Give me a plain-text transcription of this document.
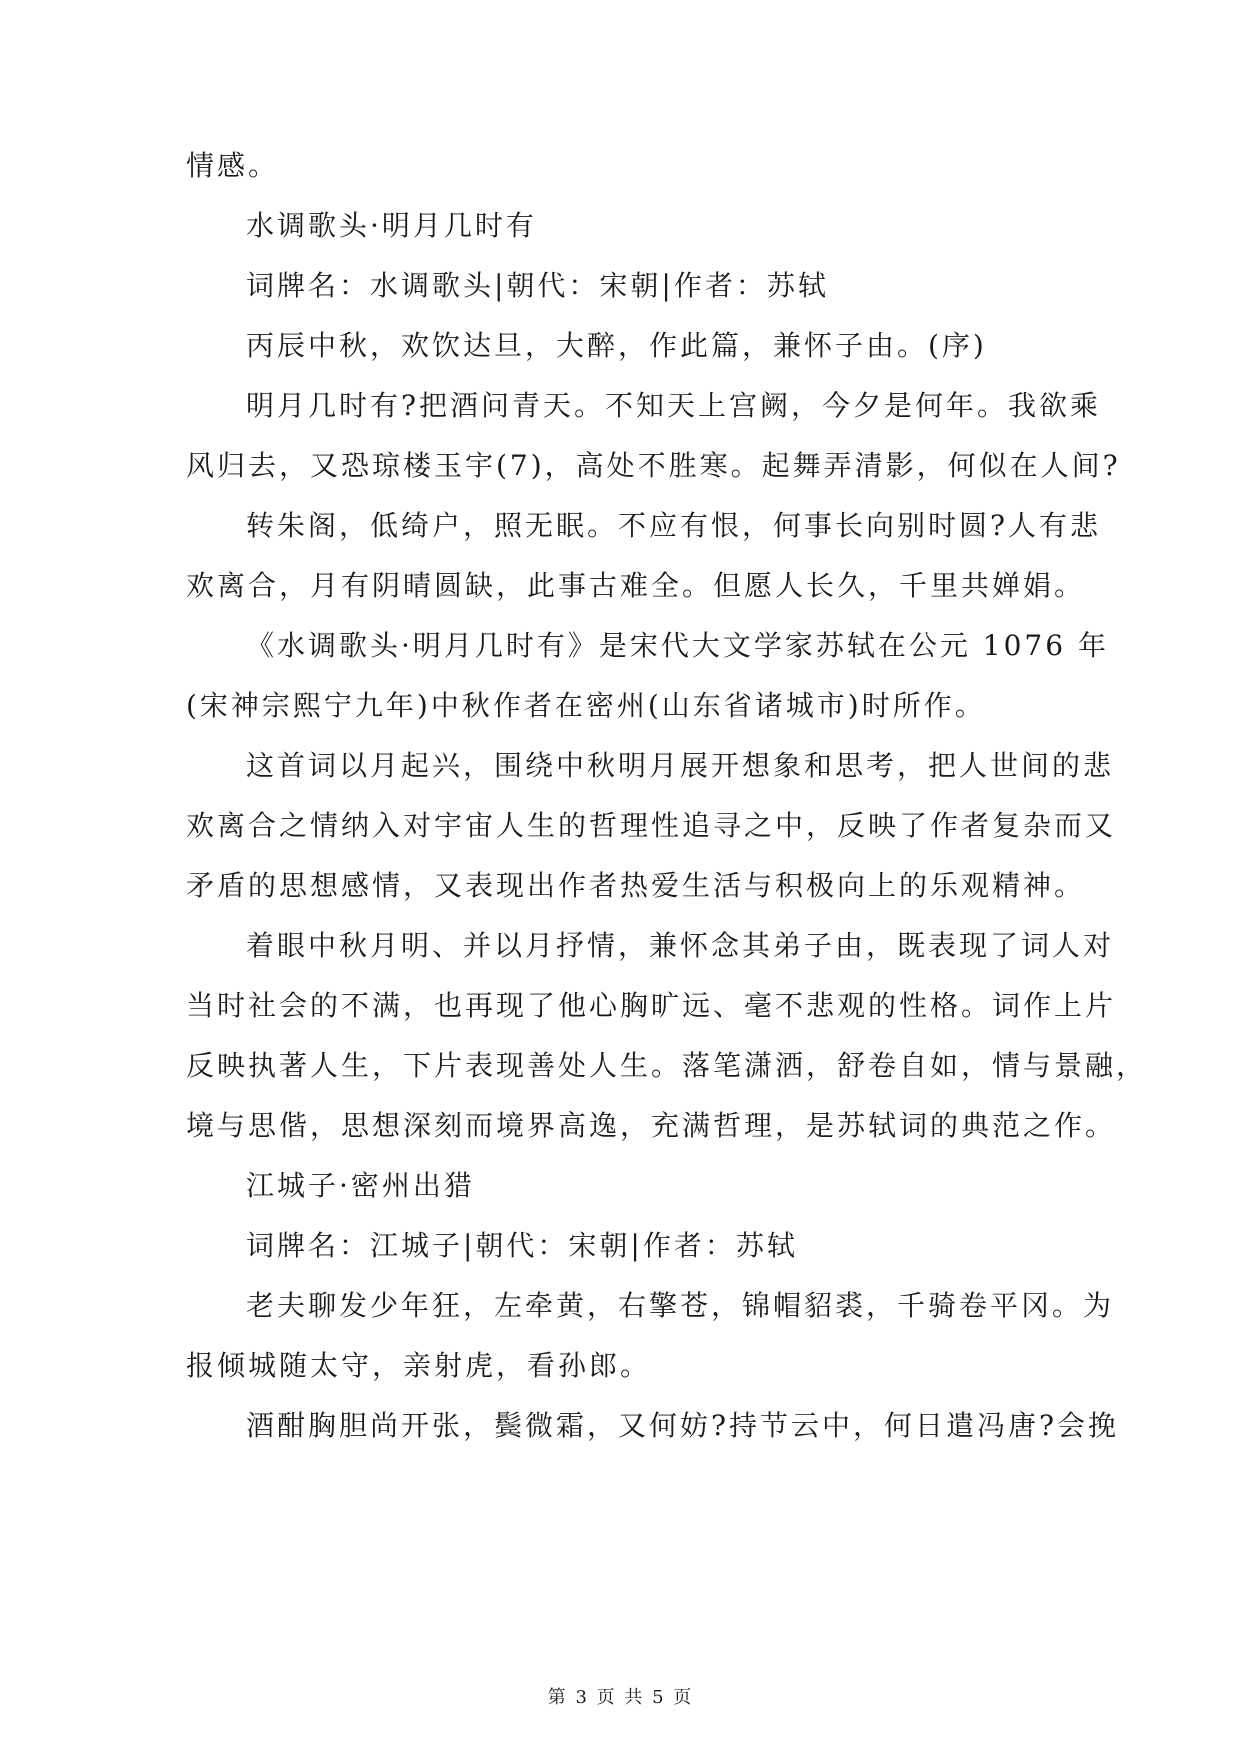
情感。
水调歌头·明月几时有
词牌名：水调歌头|朝代：宋朝|作者：苏轼
丙辰中秋，欢饮达旦，大醉，作此篇，兼怀子由。(序)
明月几时有?把酒问青天。不知天上宫阙，今夕是何年。我欲乘
风归去，又恐琼楼玉宇(7)，高处不胜寒。起舞弄清影，何似在人间?
转朱阁，低绮户，照无眠。不应有恨，何事长向别时圆?人有悲
欢离合，月有阴晴圆缺，此事古难全。但愿人长久，千里共婵娟。
《水调歌头·明月几时有》是宋代大文学家苏轼在公元 1076 年
(宋神宗熙宁九年)中秋作者在密州(山东省诸城市)时所作。
这首词以月起兴，围绕中秋明月展开想象和思考，把人世间的悲
欢离合之情纳入对宇宙人生的哲理性追寻之中，反映了作者复杂而又
矛盾的思想感情，又表现出作者热爱生活与积极向上的乐观精神。
着眼中秋月明、并以月抒情，兼怀念其弟子由，既表现了词人对
当时社会的不满，也再现了他心胸旷远、毫不悲观的性格。词作上片
反映执著人生，下片表现善处人生。落笔潇洒，舒卷自如，情与景融，
境与思偕，思想深刻而境界高逸，充满哲理，是苏轼词的典范之作。
江城子·密州出猎
词牌名：江城子|朝代：宋朝|作者：苏轼
老夫聊发少年狂，左牵黄，右擎苍，锦帽貂裘，千骑卷平冈。为
报倾城随太守，亲射虎，看孙郎。
酒酣胸胆尚开张，鬓微霜，又何妨?持节云中，何日遣冯唐?会挽
第 3 页 共 5 页
